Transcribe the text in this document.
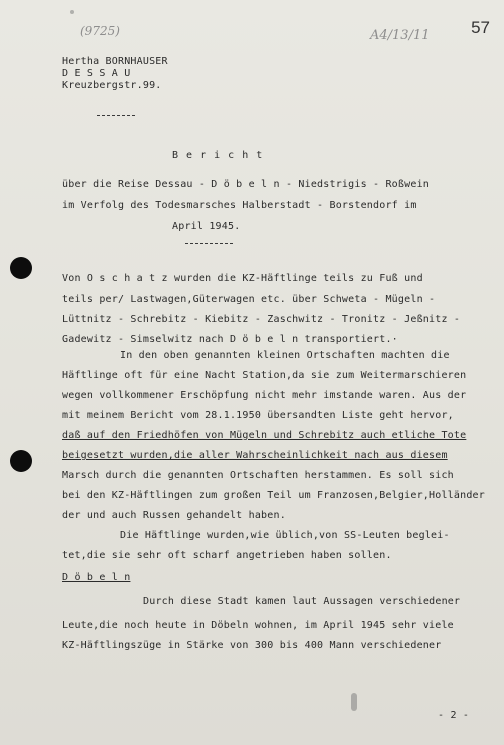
(9725)	A4/13/11 57
Hertha BORNHAUSER
D E S S A U
Kreuzbergstr.99.
B e r i c h t
über die Reise Dessau - D ö b e l n - Niedstrigis - Roßwein
im Verfolg des Todesmarsches Halberstadt - Borstendorf im
April 1945.
Von O s c h a t z wurden die KZ-Häftlinge teils zu Fuß und
teils per/ Lastwagen,Güterwagen etc. über Schweta - Mügeln -
Lüttnitz - Schrebitz - Kiebitz - Zaschwitz - Tronitz - Jeßnitz -
Gadewitz - Simselwitz nach D ö b e l n transportiert.·
In den oben genannten kleinen Ortschaften machten die
Häftlinge oft für eine Nacht Station,da sie zum Weitermarschieren
wegen vollkommener Erschöpfung nicht mehr imstande waren. Aus der
mit meinem Bericht vom 28.1.1950 übersandten Liste geht hervor,
daß auf den Friedhöfen von Mügeln und Schrebitz auch etliche Tote
beigesetzt wurden,die aller Wahrscheinlichkeit nach aus diesem
Marsch durch die genannten Ortschaften herstammen. Es soll sich
bei den KZ-Häftlingen zum großen Teil um Franzosen,Belgier,Holländer
der und auch Russen gehandelt haben.
Die Häftlinge wurden,wie üblich,von SS-Leuten beglei-
tet,die sie sehr oft scharf angetrieben haben sollen.
D ö b e l n
Durch diese Stadt kamen laut Aussagen verschiedener
Leute,die noch heute in Döbeln wohnen, im April 1945 sehr viele
KZ-Häftlingszüge in Stärke von 300 bis 400 Mann verschiedener
- 2 -
